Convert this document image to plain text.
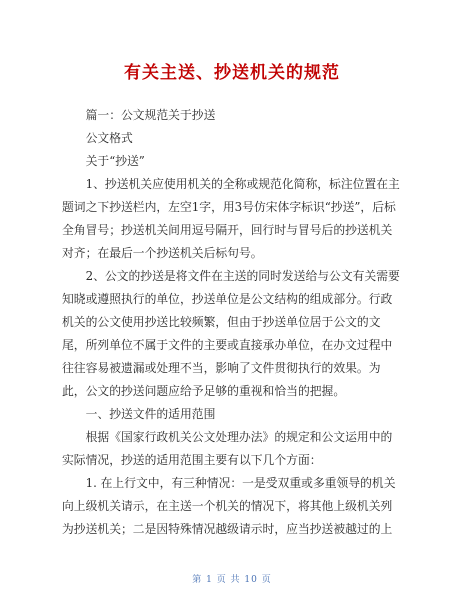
有关主送、抄送机关的规范

篇一：公文规范关于抄送

公文格式

关于“抄送”

1、抄送机关应使用机关的全称或规范化简称，标注位置在主题词之下抄送栏内，左空1字，用3号仿宋体字标识“抄送”，后标全角冒号；抄送机关间用逗号隔开，回行时与冒号后的抄送机关对齐；在最后一个抄送机关后标句号。

2、公文的抄送是将文件在主送的同时发送给与公文有关需要知晓或遵照执行的单位，抄送单位是公文结构的组成部分。行政机关的公文使用抄送比较频繁，但由于抄送单位居于公文的文尾，所列单位不属于文件的主要或直接承办单位，在办文过程中往往容易被遗漏或处理不当，影响了文件贯彻执行的效果。为此，公文的抄送问题应给予足够的重视和恰当的把握。

一、抄送文件的适用范围

根据《国家行政机关公文处理办法》的规定和公文运用中的实际情况，抄送的适用范围主要有以下几个方面：

1. 在上行文中，有三种情况：一是受双重或多重领导的机关向上级机关请示，在主送一个机关的情况下，将其他上级机关列为抄送机关；二是因特殊情况越级请示时，应当抄送被越过的上

第 1 页 共 10 页
